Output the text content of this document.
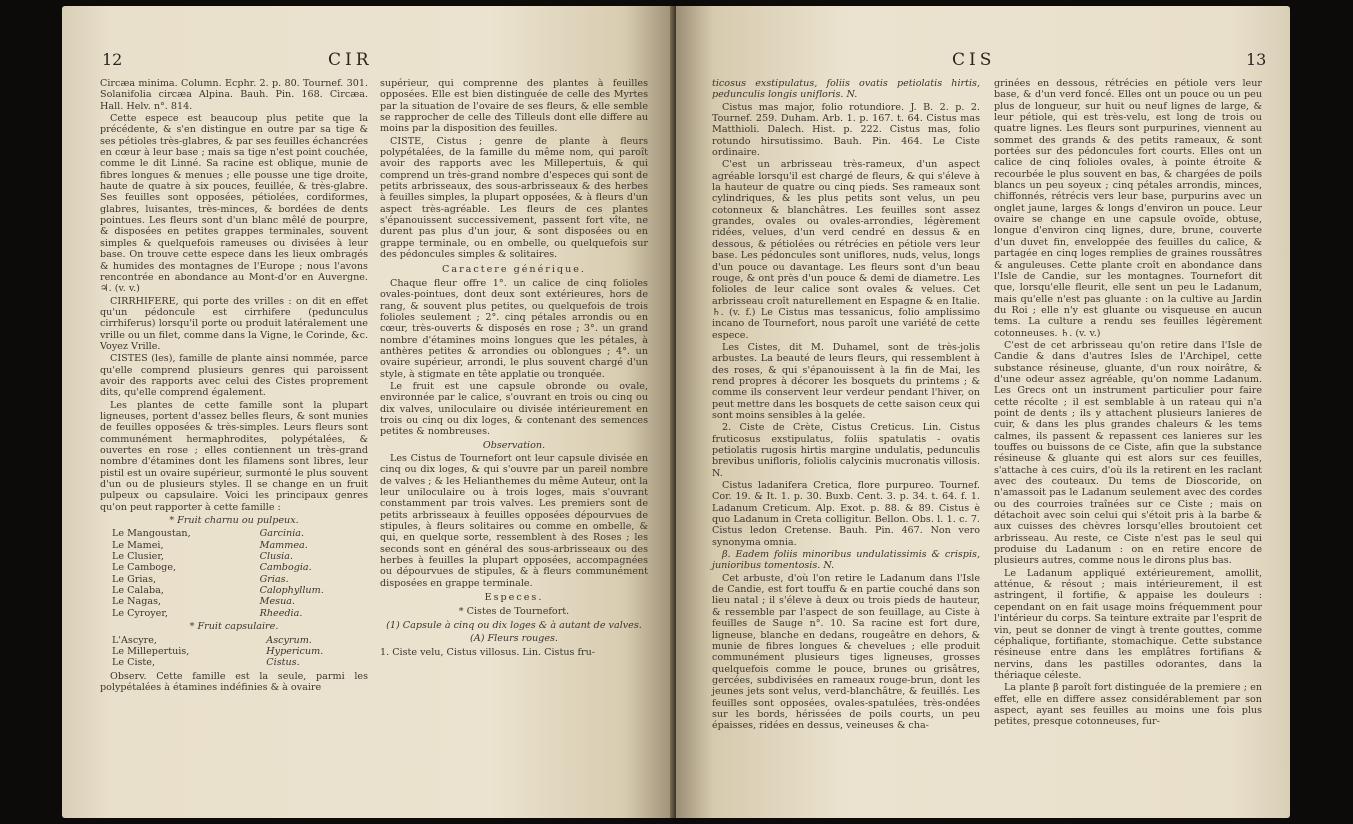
12	CIR

Circæa minima. Column. Ecphr. 2. p. 80. Tournef. 301. Solanifolia circæa Alpina. Bauh. Pin. 168. Circæa. Hall. Helv. n°. 814.

Cette espece est beaucoup plus petite que la précédente, & s'en distingue en outre par sa tige & ses pétioles très-glabres, & par ses feuilles échancrées en cœur à leur base ; mais sa tige n'est point couchée, comme le dit Linné. Sa racine est oblique, munie de fibres longues & menues ; elle pousse une tige droite, haute de quatre à six pouces, feuillée, & très-glabre. Ses feuilles sont opposées, pétiolées, cordiformes, glabres, luisantes, très-minces, & bordées de dents pointues. Les fleurs sont d'un blanc mêlé de pourpre, & disposées en petites grappes terminales, souvent simples & quelquefois rameuses ou divisées à leur base. On trouve cette espece dans les lieux ombragés & humides des montagnes de l'Europe ; nous l'avons rencontrée en abondance au Mont-d'or en Auvergne. ♃. (v. v.)

CIRRHIFERE, qui porte des vrilles : on dit en effet qu'un pédoncule est cirrhifere (pedunculus cirrhiferus) lorsqu'il porte ou produit latéralement une vrille ou un filet, comme dans la Vigne, le Corinde, &c. Voyez Vrille.

CISTES (les), famille de plante ainsi nommée, parce qu'elle comprend plusieurs genres qui paroissent avoir des rapports avec celui des Cistes proprement dits, qu'elle comprend également.

Les plantes de cette famille sont la plupart ligneuses, portent d'assez belles fleurs, & sont munies de feuilles opposées & très-simples. Leurs fleurs sont communément hermaphrodites, polypétalées, & ouvertes en rose ; elles contiennent un très-grand nombre d'étamines dont les filamens sont libres, leur pistil est un ovaire supérieur, surmonté le plus souvent d'un ou de plusieurs styles. Il se change en un fruit pulpeux ou capsulaire. Voici les principaux genres qu'on peut rapporter à cette famille :

* Fruit charnu ou pulpeux.
Le Mangoustan,	Garcinia.
Le Mamei,	Mammea.
Le Clusier,	Clusia.
Le Camboge,	Cambogia.
Le Grias,	Grias.
Le Calaba,	Calophyllum.
Le Nagas,	Mesua.
Le Cyroyer,	Rheedia.
* Fruit capsulaire.
L'Ascyre,	Ascyrum.
Le Millepertuis,	Hypericum.
Le Ciste,	Cistus.

Observ. Cette famille est la seule, parmi les polypétalées à étamines indéfinies & à ovaire

supérieur, qui comprenne des plantes à feuilles opposées. Elle est bien distinguée de celle des Myrtes par la situation de l'ovaire de ses fleurs, & elle semble se rapprocher de celle des Tilleuls dont elle differe au moins par la disposition des feuilles.

CISTE, Cistus ; genre de plante à fleurs polypétalées, de la famille du même nom, qui paroît avoir des rapports avec les Millepertuis, & qui comprend un très-grand nombre d'especes qui sont de petits arbrisseaux, des sous-arbrisseaux & des herbes à feuilles simples, la plupart opposées, & à fleurs d'un aspect très-agréable. Les fleurs de ces plantes s'épanouissent successivement, passent fort vîte, ne durent pas plus d'un jour, & sont disposées ou en grappe terminale, ou en ombelle, ou quelquefois sur des pédoncules simples & solitaires.

Caractere générique.

Chaque fleur offre 1°. un calice de cinq folioles ovales-pointues, dont deux sont extérieures, hors de rang, & souvent plus petites, ou quelquefois de trois folioles seulement ; 2°. cinq pétales arrondis ou en cœur, très-ouverts & disposés en rose ; 3°. un grand nombre d'étamines moins longues que les pétales, à anthères petites & arrondies ou oblongues ; 4°. un ovaire supérieur, arrondi, le plus souvent chargé d'un style, à stigmate en tête applatie ou tronquée.

Le fruit est une capsule obronde ou ovale, environnée par le calice, s'ouvrant en trois ou cinq ou dix valves, uniloculaire ou divisée intérieurement en trois ou cinq ou dix loges, & contenant des semences petites & nombreuses.

Observation.

Les Cistus de Tournefort ont leur capsule divisée en cinq ou dix loges, & qui s'ouvre par un pareil nombre de valves ; & les Helianthemes du même Auteur, ont la leur uniloculaire ou à trois loges, mais s'ouvrant constamment par trois valves. Les premiers sont de petits arbrisseaux à feuilles opposées dépourvues de stipules, à fleurs solitaires ou comme en ombelle, & qui, en quelque sorte, ressemblent à des Roses ; les seconds sont en général des sous-arbrisseaux ou des herbes à feuilles la plupart opposées, accompagnées ou dépourvues de stipules, & à fleurs communément disposées en grappe terminale.

Especes.
* Cistes de Tournefort.
(1) Capsule à cinq ou dix loges & à autant de valves.
(A) Fleurs rouges.

1. Ciste velu, Cistus villosus. Lin. Cistus fru-

CIS	13

ticosus exstipulatus, foliis ovatis petiolatis hirtis, pedunculis longis unifloris. N.

Cistus mas major, folio rotundiore. J. B. 2. p. 2. Tournef. 259. Duham. Arb. 1. p. 167. t. 64. Cistus mas Matthioli. Dalech. Hist. p. 222. Cistus mas, folio rotundo hirsutissimo. Bauh. Pin. 464. Le Ciste ordinaire.

C'est un arbrisseau très-rameux, d'un aspect agréable lorsqu'il est chargé de fleurs, & qui s'éleve à la hauteur de quatre ou cinq pieds. Ses rameaux sont cylindriques, & les plus petits sont velus, un peu cotonneux & blanchâtres. Les feuilles sont assez grandes, ovales ou ovales-arrondies, légèrement ridées, velues, d'un verd cendré en dessus & en dessous, & pétiolées ou rétrécies en pétiole vers leur base. Les pédoncules sont uniflores, nuds, velus, longs d'un pouce ou davantage. Les fleurs sont d'un beau rouge, & ont près d'un pouce & demi de diametre. Les folioles de leur calice sont ovales & velues. Cet arbrisseau croît naturellement en Espagne & en Italie. ♄. (v. f.) Le Cistus mas tessanicus, folio amplissimo incano de Tournefort, nous paroît une variété de cette espece.

Les Cistes, dit M. Duhamel, sont de très-jolis arbustes. La beauté de leurs fleurs, qui ressemblent à des roses, & qui s'épanouissent à la fin de Mai, les rend propres à décorer les bosquets du printems ; & comme ils conservent leur verdeur pendant l'hiver, on peut mettre dans les bosquets de cette saison ceux qui sont moins sensibles à la gelée.

2. Ciste de Crète, Cistus Creticus. Lin. Cistus fruticosus exstipulatus, foliis spatulatis - ovatis petiolatis rugosis hirtis margine undulatis, pedunculis brevibus unifloris, foliolis calycinis mucronatis villosis. N.

Cistus ladanifera Cretica, flore purpureo. Tournef. Cor. 19. & It. 1. p. 30. Buxb. Cent. 3. p. 34. t. 64. f. 1. Ladanum Creticum. Alp. Exot. p. 88. & 89. Cistus è quo Ladanum in Creta colligitur. Bellon. Obs. l. 1. c. 7. Cistus ledon Cretense. Bauh. Pin. 467. Non vero synonyma omnia.

β. Eadem foliis minoribus undulatissimis & crispis, junioribus tomentosis. N.

Cet arbuste, d'où l'on retire le Ladanum dans l'Isle de Candie, est fort touffu & en partie couché dans son lieu natal ; il s'éleve à deux ou trois pieds de hauteur, & ressemble par l'aspect de son feuillage, au Ciste à feuilles de Sauge n°. 10. Sa racine est fort dure, ligneuse, blanche en dedans, rougeâtre en dehors, & munie de fibres longues & chevelues ; elle produit communément plusieurs tiges ligneuses, grosses quelquefois comme le pouce, brunes ou grisâtres, gercées, subdivisées en rameaux rouge-brun, dont les jeunes jets sont velus, verd-blanchâtre, & feuillés. Les feuilles sont opposées, ovales-spatulées, très-ondées sur les bords, hérissées de poils courts, un peu épaisses, ridées en dessus, veineuses & cha-

grinées en dessous, rétrécies en pétiole vers leur base, & d'un verd foncé. Elles ont un pouce ou un peu plus de longueur, sur huit ou neuf lignes de large, & leur pétiole, qui est très-velu, est long de trois ou quatre lignes. Les fleurs sont purpurines, viennent au sommet des grands & des petits rameaux, & sont portées sur des pédoncules fort courts. Elles ont un calice de cinq folioles ovales, à pointe étroite & recourbée le plus souvent en bas, & chargées de poils blancs un peu soyeux ; cinq pétales arrondis, minces, chiffonnés, rétrécis vers leur base, purpurins avec un onglet jaune, larges & longs d'environ un pouce. Leur ovaire se change en une capsule ovoïde, obtuse, longue d'environ cinq lignes, dure, brune, couverte d'un duvet fin, enveloppée des feuilles du calice, & partagée en cinq loges remplies de graines roussâtres & anguleuses. Cette plante croît en abondance dans l'Isle de Candie, sur les montagnes. Tournefort dit que, lorsqu'elle fleurit, elle sent un peu le Ladanum, mais qu'elle n'est pas gluante : on la cultive au Jardin du Roi ; elle n'y est gluante ou visqueuse en aucun tems. La culture a rendu ses feuilles légèrement cotonneuses. ♄. (v. v.)

C'est de cet arbrisseau qu'on retire dans l'Isle de Candie & dans d'autres Isles de l'Archipel, cette substance résineuse, gluante, d'un roux noirâtre, & d'une odeur assez agréable, qu'on nomme Ladanum. Les Grecs ont un instrument particulier pour faire cette récolte ; il est semblable à un rateau qui n'a point de dents ; ils y attachent plusieurs lanieres de cuir, & dans les plus grandes chaleurs & les tems calmes, ils passent & repassent ces lanieres sur les touffes ou buissons de ce Ciste, afin que la substance résineuse & gluante qui est alors sur ces feuilles, s'attache à ces cuirs, d'où ils la retirent en les raclant avec des couteaux. Du tems de Dioscoride, on n'amassoit pas le Ladanum seulement avec des cordes ou des courroies traînées sur ce Ciste ; mais on détachoit avec soin celui qui s'étoit pris à la barbe & aux cuisses des chèvres lorsqu'elles broutoient cet arbrisseau. Au reste, ce Ciste n'est pas le seul qui produise du Ladanum : on en retire encore de plusieurs autres, comme nous le dirons plus bas.

Le Ladanum appliqué extérieurement, amollit, atténue, & résout ; mais intérieurement, il est astringent, il fortifie, & appaise les douleurs : cependant on en fait usage moins fréquemment pour l'intérieur du corps. Sa teinture extraite par l'esprit de vin, peut se donner de vingt à trente gouttes, comme céphalique, fortifiante, stomachique. Cette substance résineuse entre dans les emplâtres fortifians & nervins, dans les pastilles odorantes, dans la thériaque céleste.

La plante β paroît fort distinguée de la premiere ; en effet, elle en differe assez considérablement par son aspect, ayant ses feuilles au moins une fois plus petites, presque cotonneuses, fur-
